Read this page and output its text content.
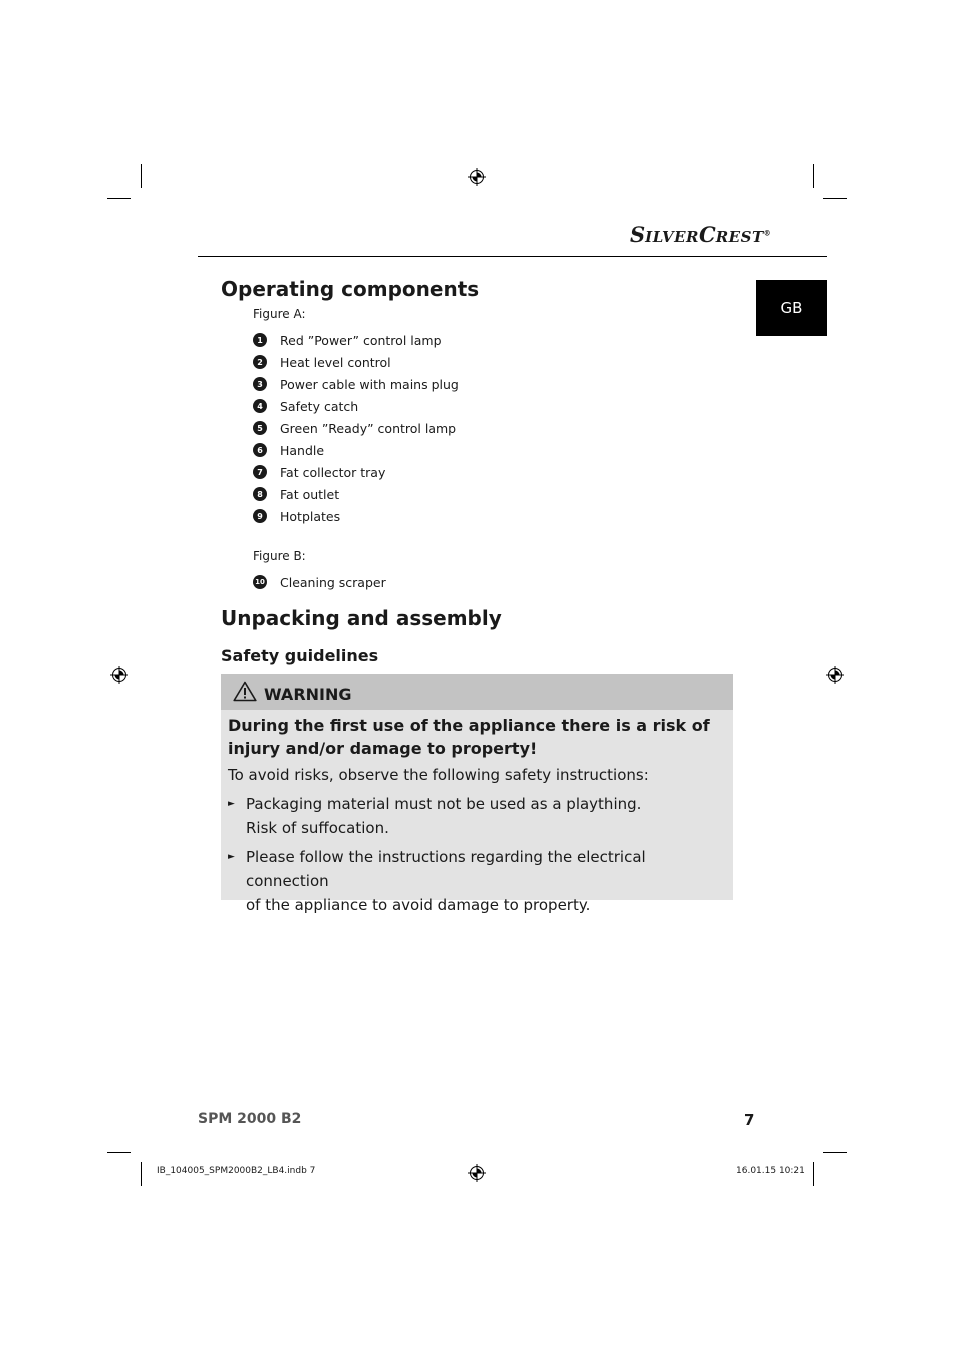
SILVERCREST®
GB
Operating components
Figure A:
1	Red ”Power” control lamp
2	Heat level control
3	Power cable with mains plug
4	Safety catch
5	Green ”Ready” control lamp
6	Handle
7	Fat collector tray
8	Fat outlet
9	Hotplates
Figure B:
10 Cleaning scraper
Unpacking and assembly
Safety guidelines
WARNING
During the first use of the appliance there is a risk of injury and/or damage to property!
To avoid risks, observe the following safety instructions:
► Packaging material must not be used as a plaything.
Risk of suffocation.
► Please follow the instructions regarding the electrical connection
of the appliance to avoid damage to property.
SPM 2000 B2	7
IB_104005_SPM2000B2_LB4.indb 7	16.01.15 10:21
